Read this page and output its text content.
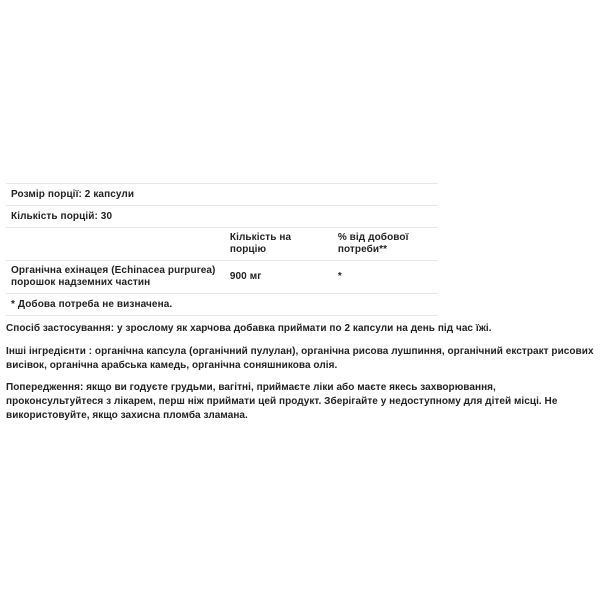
Розмір порції: 2 капсули		
Кількість порцій: 30		
	Кількість на порцію	% від добової потреби**
Органічна ехінацея (Echinacea purpurea) порошок надземних частин	900 мг	*
* Добова потреба не визначена.		

Спосіб застосування: у зрослому як харчова добавка приймати по 2 капсули на день під час їжі.

Інші інгредієнти : органічна капсула (органічний пулулан), органічна рисова лушпиння, органічний екстракт рисових висівок, органічна арабська камедь, органічна соняшникова олія.

Попередження: якщо ви годуєте грудьми, вагітні, приймаєте ліки або маєте якесь захворювання, проконсультуйтеся з лікарем, перш ніж приймати цей продукт. Зберігайте у недоступному для дітей місці. Не використовуйте, якщо захисна пломба зламана.
